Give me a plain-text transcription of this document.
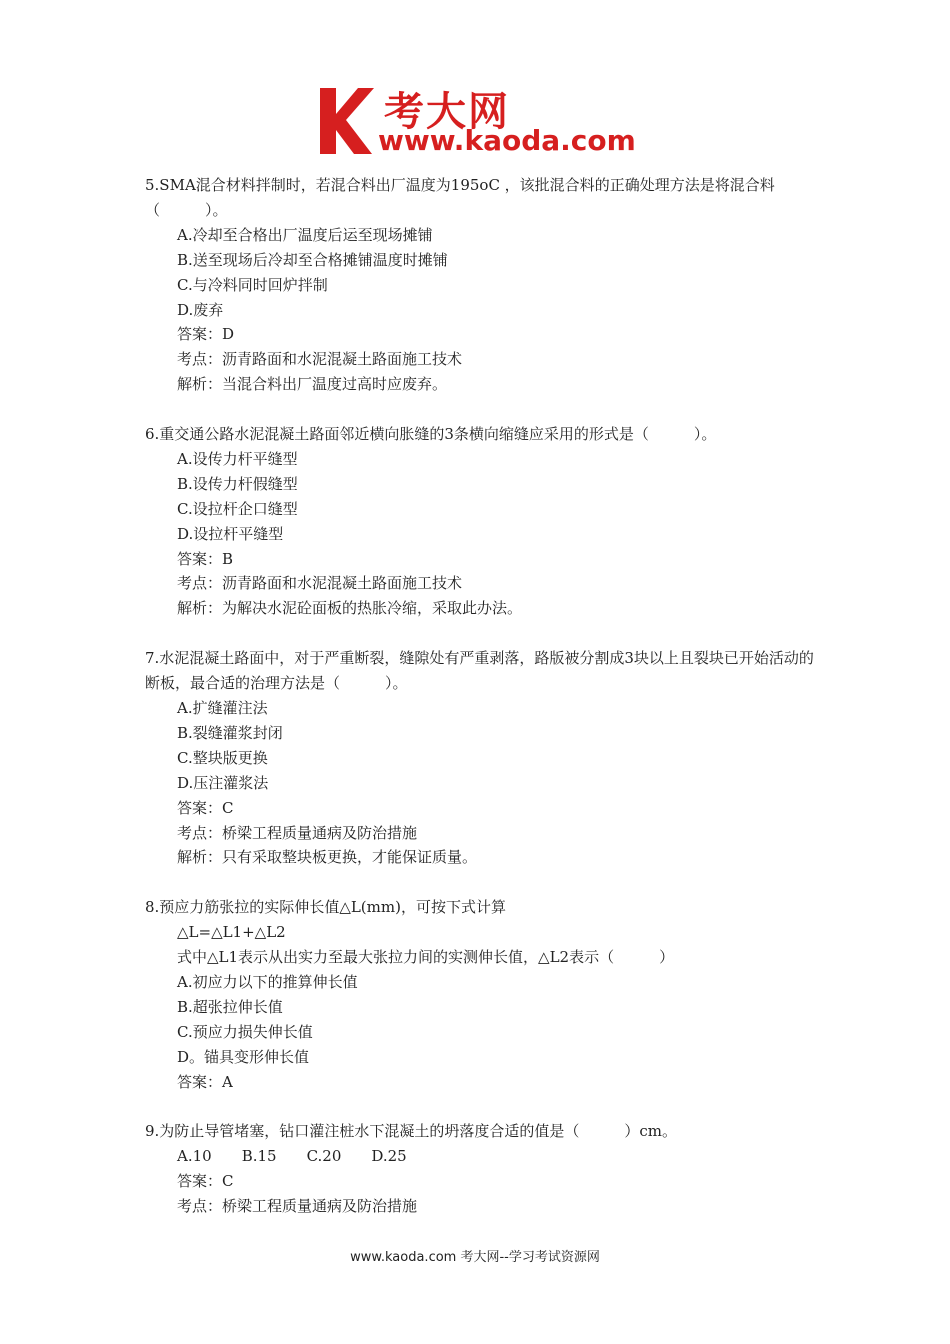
考大网
www.kaoda.com

5.SMA混合材料拌制时，若混合料出厂温度为195oC ，该批混合料的正确处理方法是将混合料（　　　）。

A.冷却至合格出厂温度后运至现场摊铺

B.送至现场后冷却至合格摊铺温度时摊铺

C.与冷料同时回炉拌制

D.废弃

答案：D

考点：沥青路面和水泥混凝土路面施工技术

解析：当混合料出厂温度过高时应废弃。

6.重交通公路水泥混凝土路面邻近横向胀缝的3条横向缩缝应采用的形式是（　　　）。

A.设传力杆平缝型

B.设传力杆假缝型

C.设拉杆企口缝型

D.设拉杆平缝型

答案：B

考点：沥青路面和水泥混凝土路面施工技术

解析：为解决水泥砼面板的热胀冷缩，采取此办法。

7.水泥混凝土路面中，对于严重断裂，缝隙处有严重剥落，路版被分割成3块以上且裂块已开始活动的断板，最合适的治理方法是（　　　）。

A.扩缝灌注法

B.裂缝灌浆封闭

C.整块版更换

D.压注灌浆法

答案：C

考点：桥梁工程质量通病及防治措施

解析：只有采取整块板更换，才能保证质量。

8.预应力筋张拉的实际伸长值△L(mm)，可按下式计算

△L=△L1+△L2

式中△L1表示从出实力至最大张拉力间的实测伸长值，△L2表示（　　　）

A.初应力以下的推算伸长值

B.超张拉伸长值

C.预应力损失伸长值

D。锚具变形伸长值

答案：A

9.为防止导管堵塞，钻口灌注桩水下混凝土的坍落度合适的值是（　　　）cm。

A.10　　B.15　　C.20　　D.25

答案：C

考点：桥梁工程质量通病及防治措施

www.kaoda.com 考大网--学习考试资源网
